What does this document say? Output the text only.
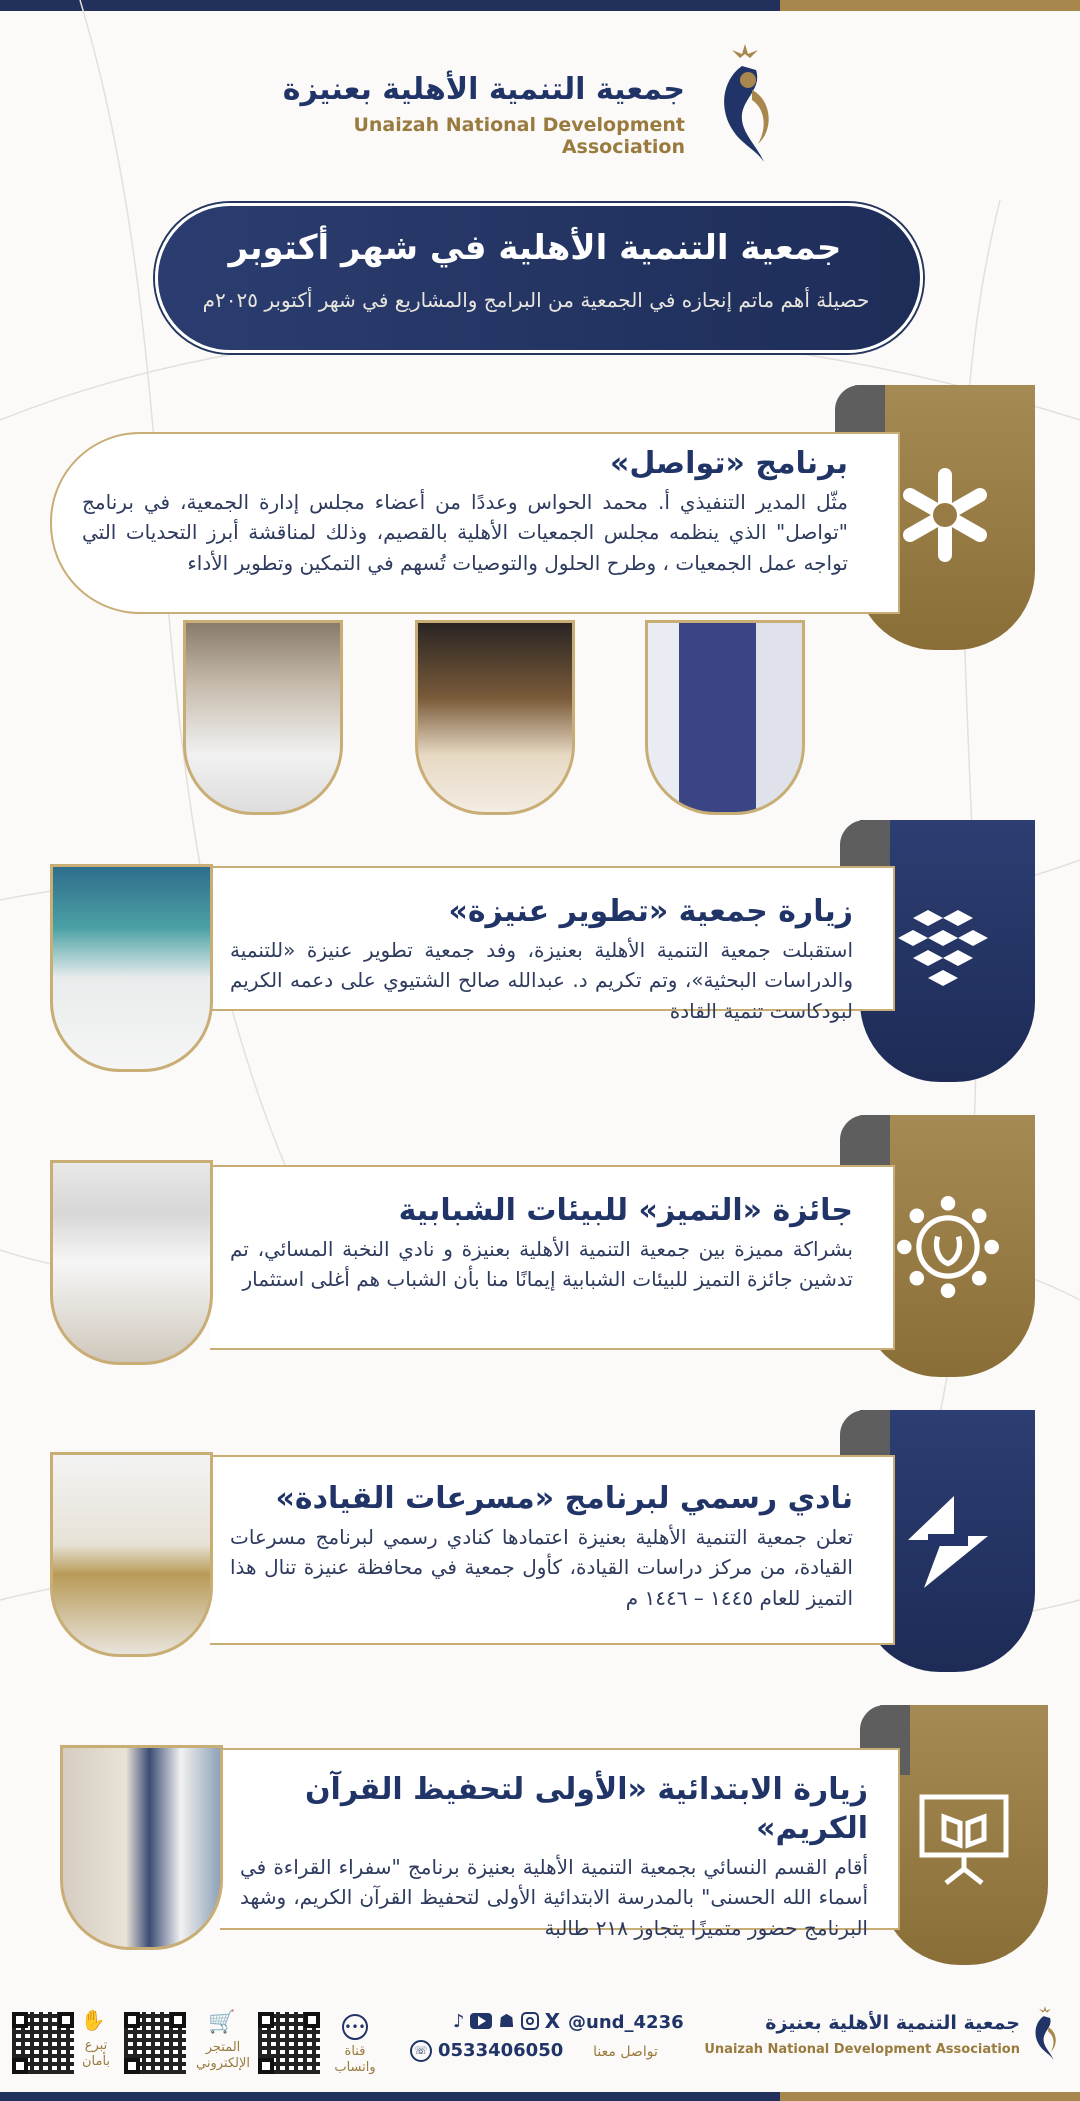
جمعية التنمية الأهلية بعنيزة
Unaizah National Development Association
جمعية التنمية الأهلية في شهر أكتوبر
حصيلة أهم ماتم إنجازه في الجمعية من البرامج والمشاريع في شهر أكتوبر ٢٠٢٥م
برنامج «تواصل»
مثّل المدير التنفيذي أ. محمد الحواس وعددًا من أعضاء مجلس إدارة الجمعية، في برنامج "تواصل" الذي ينظمه مجلس الجمعيات الأهلية بالقصيم، وذلك لمناقشة أبرز التحديات التي تواجه عمل الجمعيات ، وطرح الحلول والتوصيات تُسهم في التمكين وتطوير الأداء
زيارة جمعية «تطوير عنيزة»
استقبلت جمعية التنمية الأهلية بعنيزة، وفد جمعية تطوير عنيزة «للتنمية والدراسات البحثية»، وتم تكريم د. عبدالله صالح الشتيوي على دعمه الكريم لبودكاست تنمية القادة
جائزة «التميز» للبيئات الشبابية
بشراكة مميزة بين جمعية التنمية الأهلية بعنيزة و نادي النخبة المسائي، تم تدشين جائزة التميز للبيئات الشبابية إيمانًا منا بأن الشباب هم أغلى استثمار
نادي رسمي لبرنامج «مسرعات القيادة»
تعلن جمعية التنمية الأهلية بعنيزة اعتمادها كنادي رسمي لبرنامج مسرعات القيادة، من مركز دراسات القيادة، كأول جمعية في محافظة عنيزة تنال هذا التميز للعام ١٤٤٥ – ١٤٤٦ م
زيارة الابتدائية «الأولى لتحفيظ القرآن الكريم»
أقام القسم النسائي بجمعية التنمية الأهلية بعنيزة برنامج "سفراء القراءة في أسماء الله الحسنى" بالمدرسة الابتدائية الأولى لتحفيظ القرآن الكريم، وشهد البرنامج حضور متميزًا يتجاوز ٢١٨ طالبة
جمعية التنمية الأهلية بعنيزة
Unaizah National Development Association
@und_4236
تواصل معنا
♪ ☗ X
☏ 0533406050
•••
قناة واتساب
🛒
المتجر الإلكتروني
✋
تبرع بأمان
